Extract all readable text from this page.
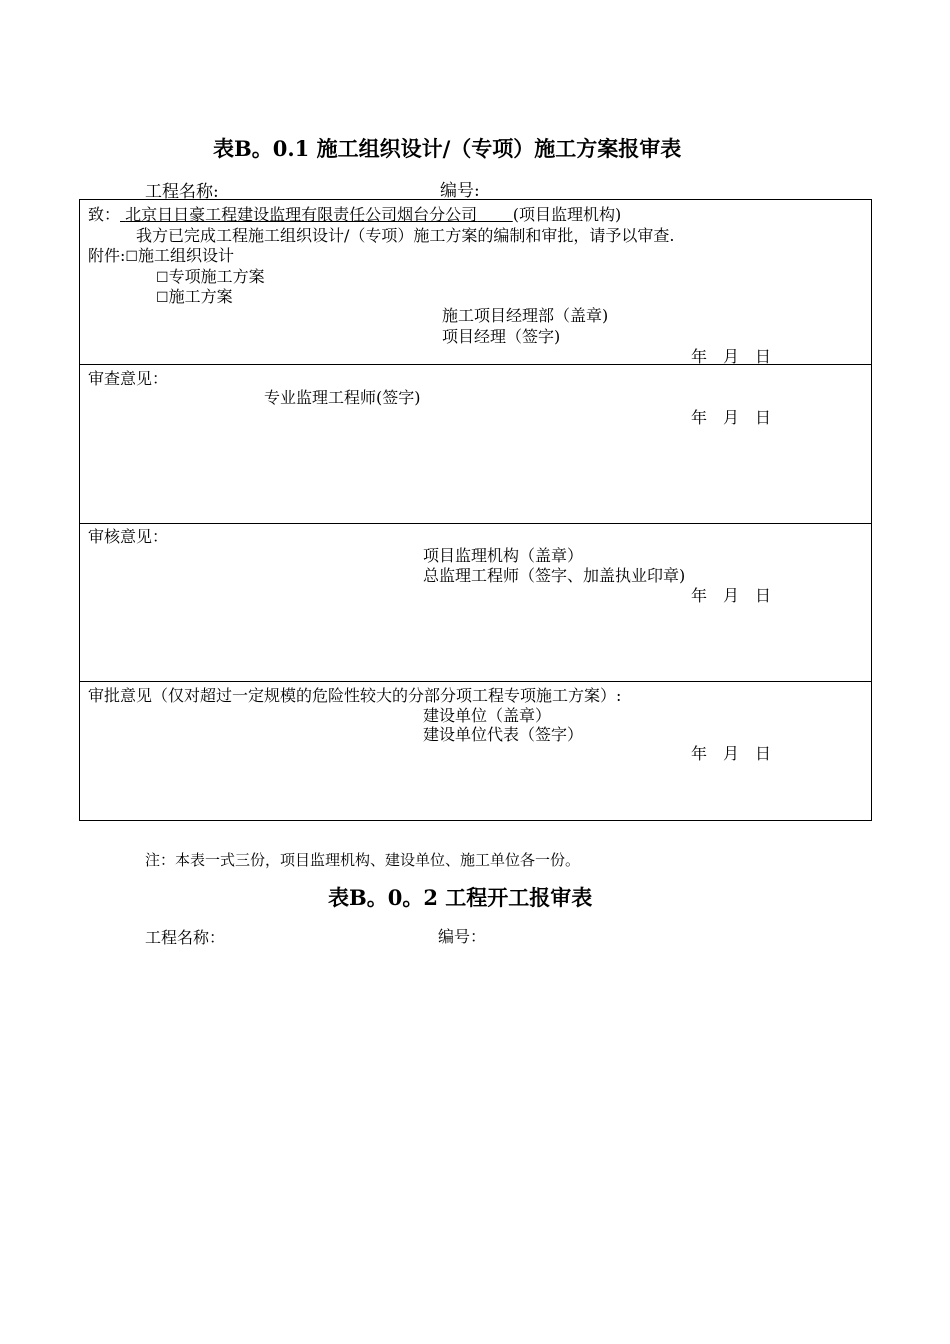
表B。0.1 施工组织设计/（专项）施工方案报审表
工程名称:	编号:
致： 北京日日豪工程建设监理有限责任公司烟台分公司 (项目监理机构)
我方已完成工程施工组织设计/（专项）施工方案的编制和审批，请予以审查.
附件:☐施工组织设计
☐专项施工方案
☐施工方案
施工项目经理部（盖章)
项目经理（签字)
年　月　日
审查意见：
专业监理工程师(签字)
年　月　日
审核意见：
项目监理机构（盖章）
总监理工程师（签字、加盖执业印章)
年　月　日
审批意见（仅对超过一定规模的危险性较大的分部分项工程专项施工方案）:
建设单位（盖章）
建设单位代表（签字）
年　月　日
注：本表一式三份，项目监理机构、建设单位、施工单位各一份。
表B。0。2 工程开工报审表
工程名称：	编号：
